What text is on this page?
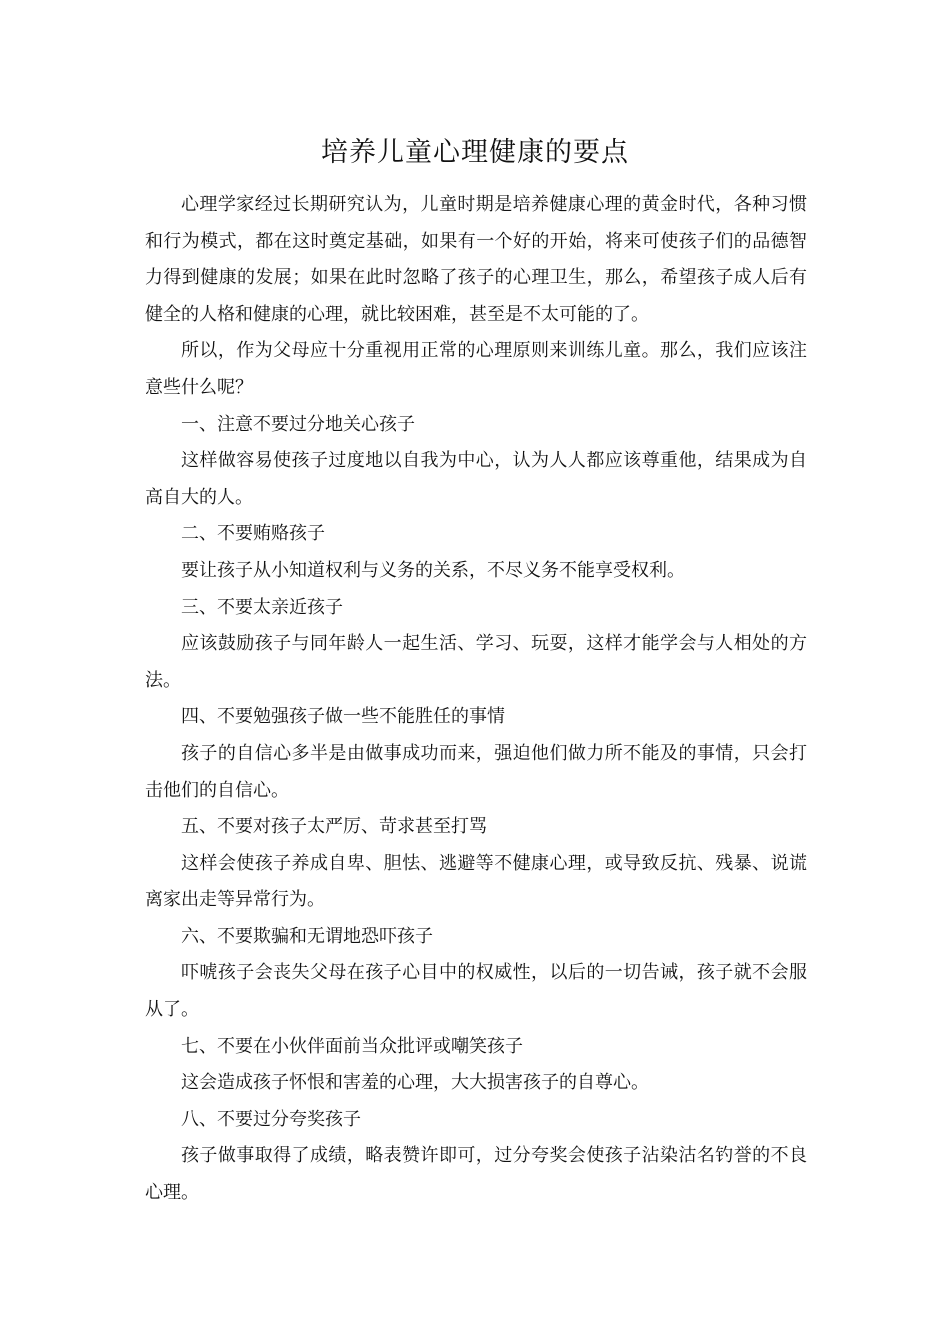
培养儿童心理健康的要点

心理学家经过长期研究认为，儿童时期是培养健康心理的黄金时代，各种习惯和行为模式，都在这时奠定基础，如果有一个好的开始，将来可使孩子们的品德智力得到健康的发展；如果在此时忽略了孩子的心理卫生，那么，希望孩子成人后有健全的人格和健康的心理，就比较困难，甚至是不太可能的了。

所以，作为父母应十分重视用正常的心理原则来训练儿童。那么，我们应该注意些什么呢？

一、注意不要过分地关心孩子

这样做容易使孩子过度地以自我为中心，认为人人都应该尊重他，结果成为自高自大的人。

二、不要贿赂孩子

要让孩子从小知道权利与义务的关系，不尽义务不能享受权利。

三、不要太亲近孩子

应该鼓励孩子与同年龄人一起生活、学习、玩耍，这样才能学会与人相处的方法。

四、不要勉强孩子做一些不能胜任的事情

孩子的自信心多半是由做事成功而来，强迫他们做力所不能及的事情，只会打击他们的自信心。

五、不要对孩子太严厉、苛求甚至打骂

这样会使孩子养成自卑、胆怯、逃避等不健康心理，或导致反抗、残暴、说谎离家出走等异常行为。

六、不要欺骗和无谓地恐吓孩子

吓唬孩子会丧失父母在孩子心目中的权威性，以后的一切告诫，孩子就不会服从了。

七、不要在小伙伴面前当众批评或嘲笑孩子

这会造成孩子怀恨和害羞的心理，大大损害孩子的自尊心。

八、不要过分夸奖孩子

孩子做事取得了成绩，略表赞许即可，过分夸奖会使孩子沾染沽名钓誉的不良心理。
